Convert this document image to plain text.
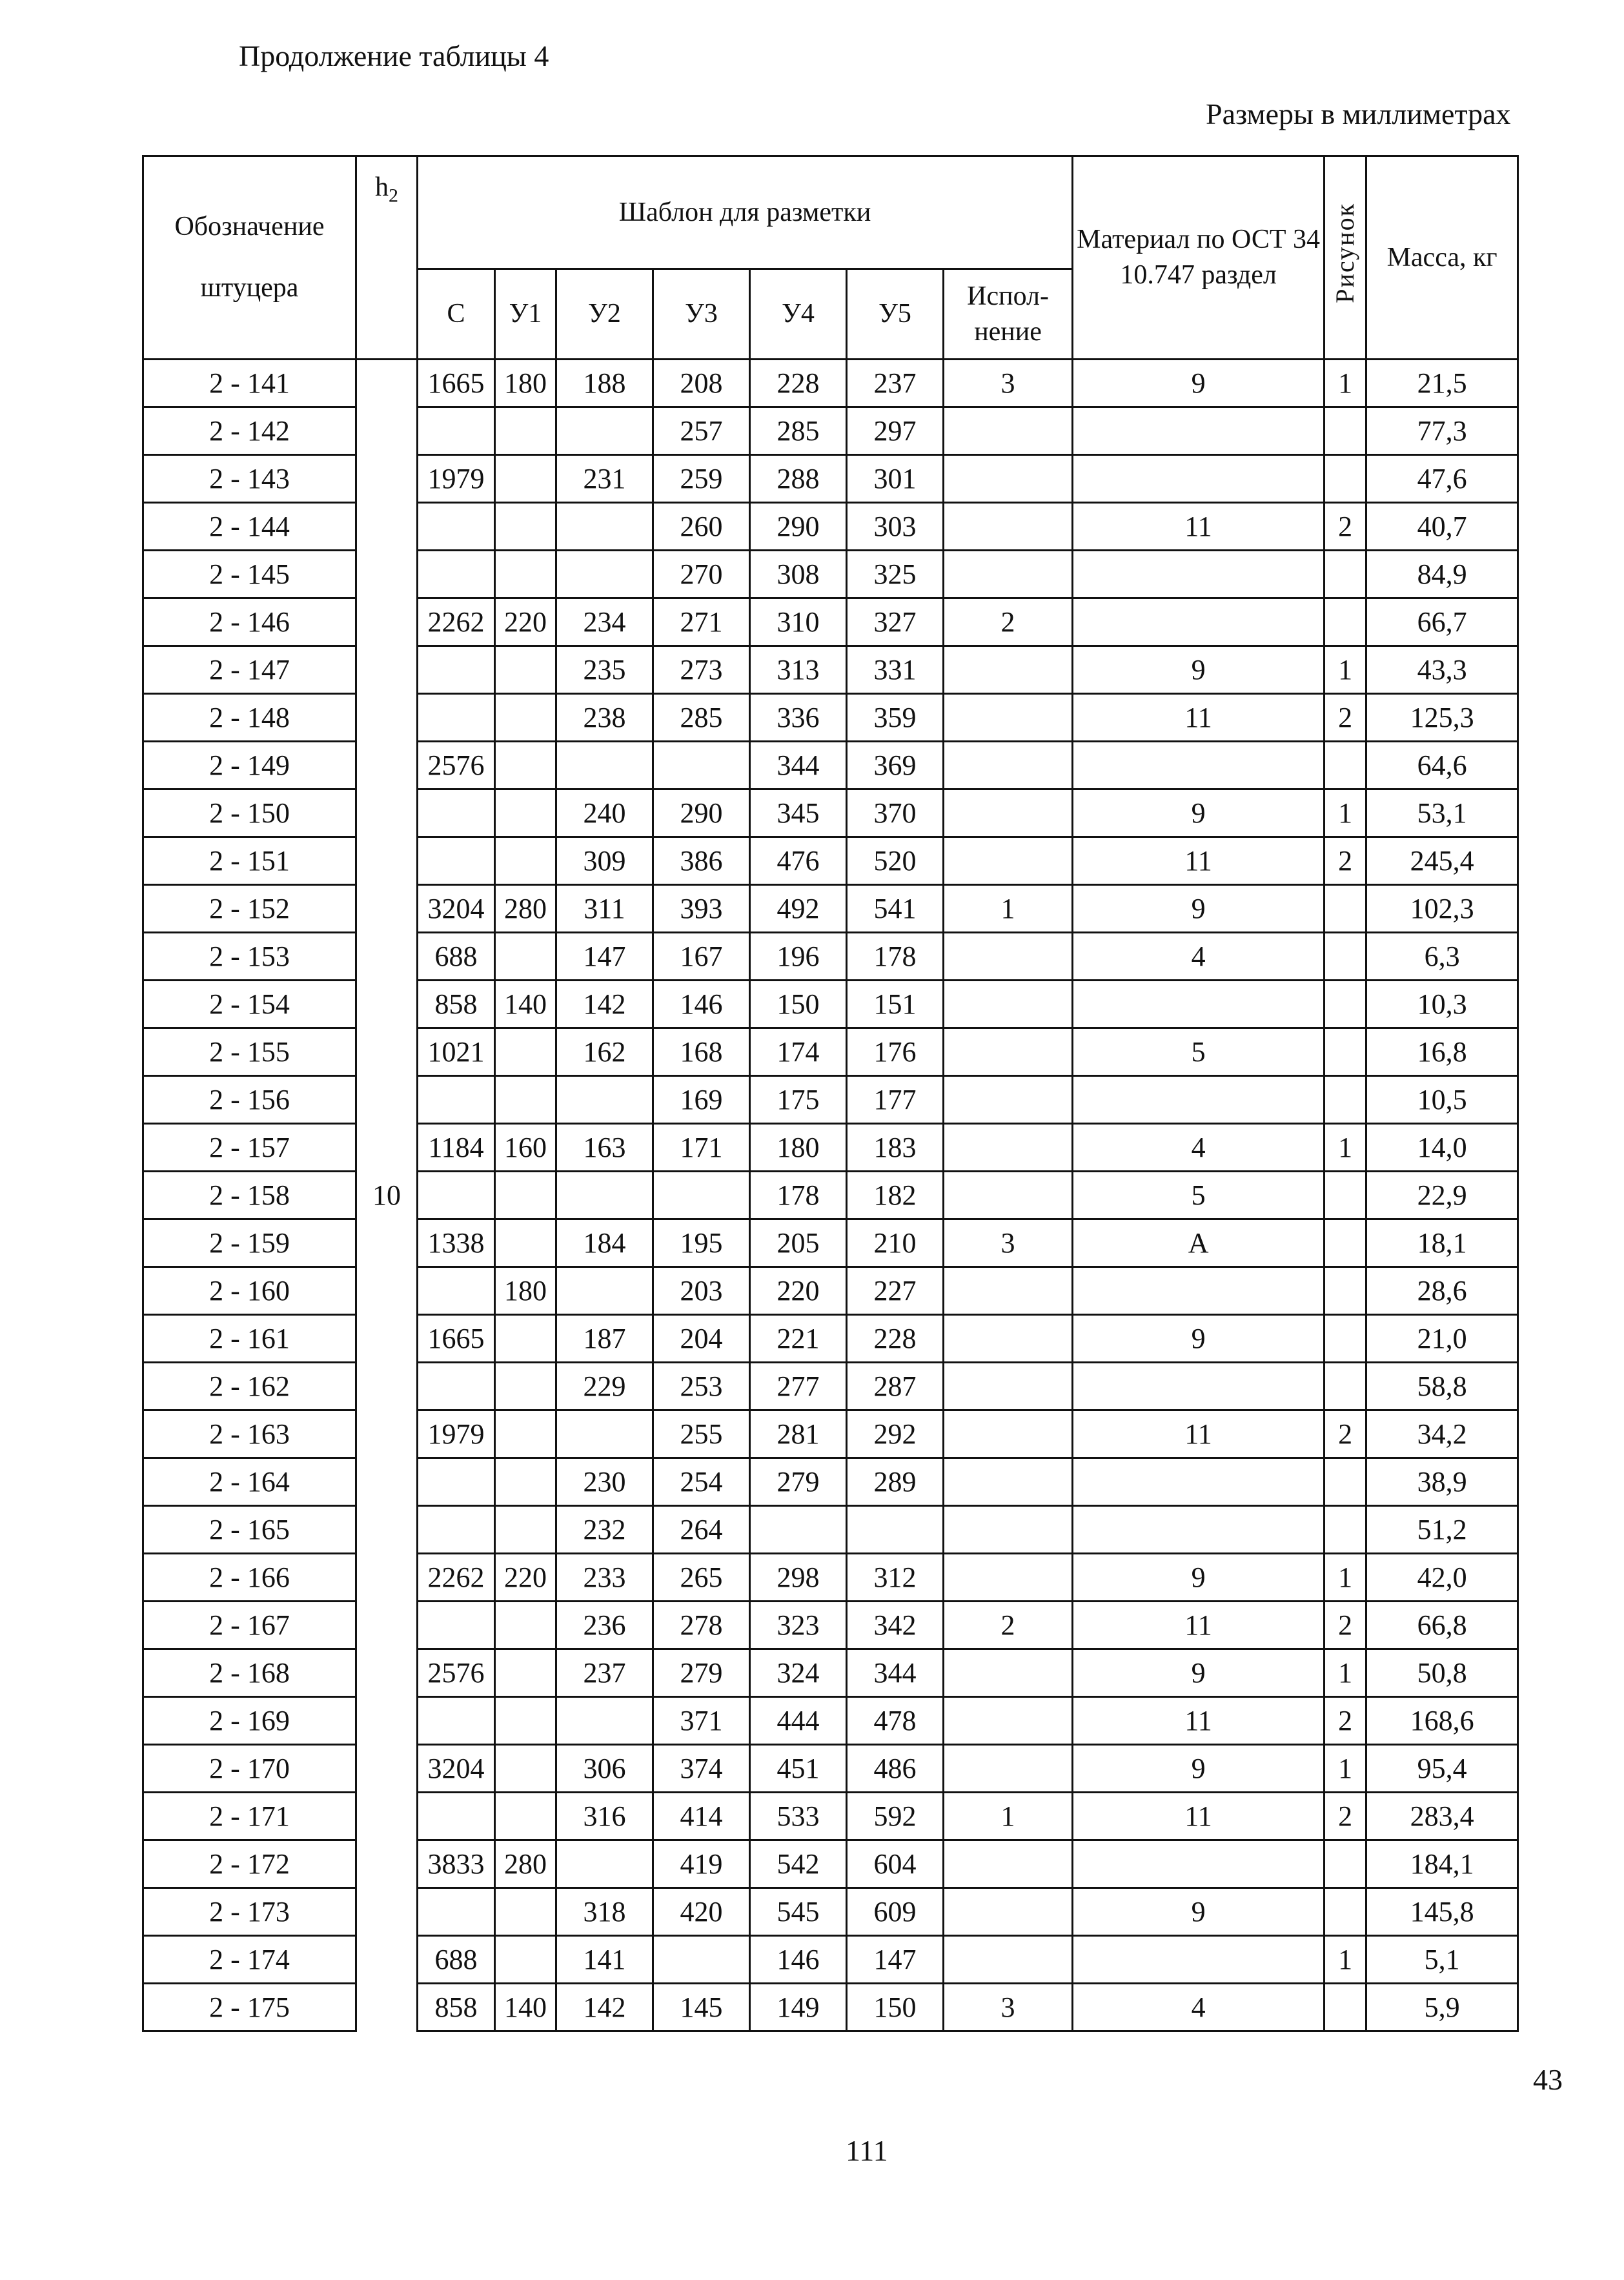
Продолжение таблицы 4
Размеры в миллиметрах
Обозначение
штуцера	$h_2$	Шаблон для разметки							Материал по ОСТ 34 10.747 раздел	Рисунок	Масса, кг
		C	У1	У2	У3	У4	У5	Испол- нение			
2 - 141		1665	180	188	208	228	237	3	9	1	21,5
2 - 142					257	285	297				77,3
2 - 143		1979		231	259	288	301				47,6
2 - 144					260	290	303		11	2	40,7
2 - 145					270	308	325				84,9
2 - 146		2262	220	234	271	310	327	2			66,7
2 - 147				235	273	313	331		9	1	43,3
2 - 148				238	285	336	359		11	2	125,3
2 - 149		2576				344	369				64,6
2 - 150				240	290	345	370		9	1	53,1
2 - 151				309	386	476	520		11	2	245,4
2 - 152		3204	280	311	393	492	541	1	9		102,3
2 - 153		688		147	167	196	178		4		6,3
2 - 154		858	140	142	146	150	151				10,3
2 - 155		1021		162	168	174	176		5		16,8
2 - 156					169	175	177				10,5
2 - 157		1184	160	163	171	180	183		4	1	14,0
2 - 158	10					178	182		5		22,9
2 - 159		1338		184	195	205	210	3	А		18,1
2 - 160			180		203	220	227				28,6
2 - 161		1665		187	204	221	228		9		21,0
2 - 162				229	253	277	287				58,8
2 - 163		1979			255	281	292		11	2	34,2
2 - 164				230	254	279	289				38,9
2 - 165				232	264						51,2
2 - 166		2262	220	233	265	298	312		9	1	42,0
2 - 167				236	278	323	342	2	11	2	66,8
2 - 168		2576		237	279	324	344		9	1	50,8
2 - 169					371	444	478		11	2	168,6
2 - 170		3204		306	374	451	486		9	1	95,4
2 - 171				316	414	533	592	1	11	2	283,4
2 - 172		3833	280		419	542	604				184,1
2 - 173				318	420	545	609		9		145,8
2 - 174		688		141		146	147			1	5,1
2 - 175		858	140	142	145	149	150	3	4		5,9
43
111
